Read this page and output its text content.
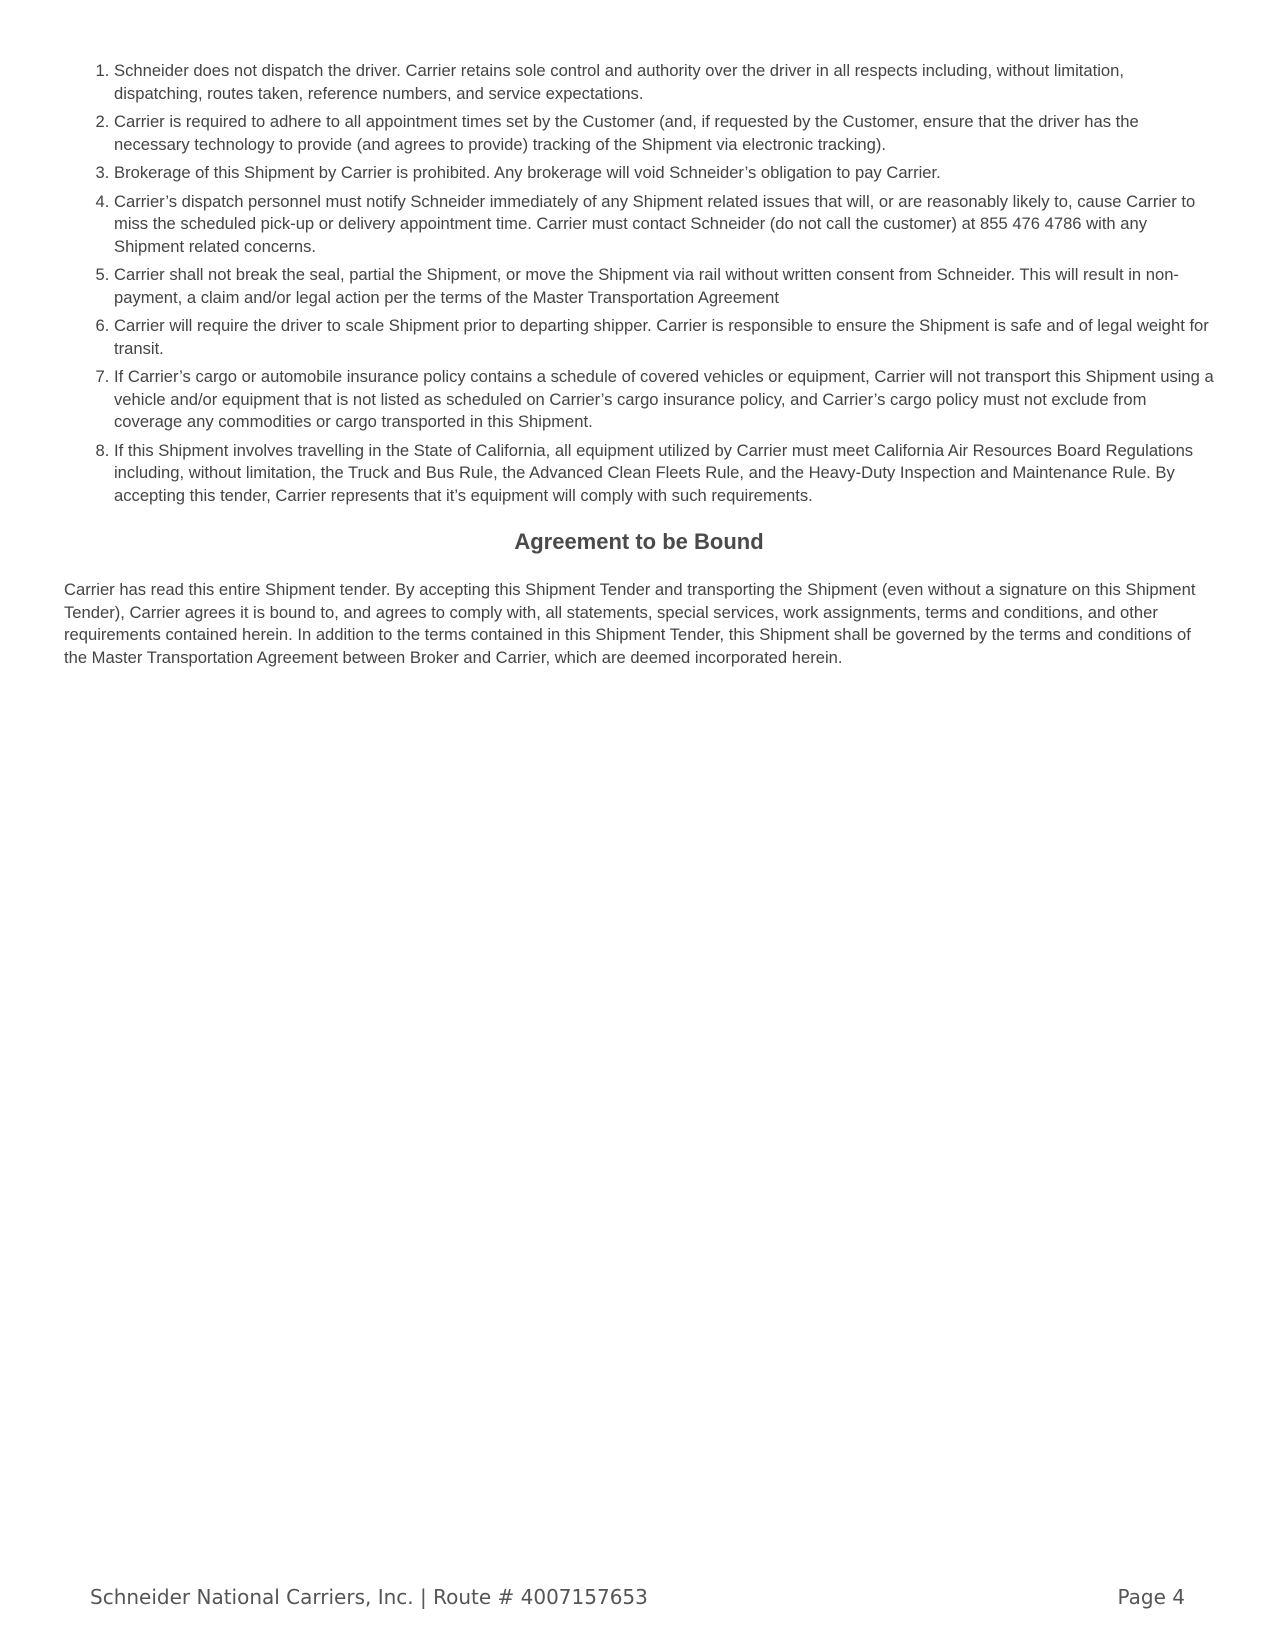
1. Schneider does not dispatch the driver. Carrier retains sole control and authority over the driver in all respects including, without limitation, dispatching, routes taken, reference numbers, and service expectations.
2. Carrier is required to adhere to all appointment times set by the Customer (and, if requested by the Customer, ensure that the driver has the necessary technology to provide (and agrees to provide) tracking of the Shipment via electronic tracking).
3. Brokerage of this Shipment by Carrier is prohibited. Any brokerage will void Schneider’s obligation to pay Carrier.
4. Carrier’s dispatch personnel must notify Schneider immediately of any Shipment related issues that will, or are reasonably likely to, cause Carrier to miss the scheduled pick-up or delivery appointment time. Carrier must contact Schneider (do not call the customer) at 855 476 4786 with any Shipment related concerns.
5. Carrier shall not break the seal, partial the Shipment, or move the Shipment via rail without written consent from Schneider. This will result in non-payment, a claim and/or legal action per the terms of the Master Transportation Agreement
6. Carrier will require the driver to scale Shipment prior to departing shipper. Carrier is responsible to ensure the Shipment is safe and of legal weight for transit.
7. If Carrier’s cargo or automobile insurance policy contains a schedule of covered vehicles or equipment, Carrier will not transport this Shipment using a vehicle and/or equipment that is not listed as scheduled on Carrier’s cargo insurance policy, and Carrier’s cargo policy must not exclude from coverage any commodities or cargo transported in this Shipment.
8. If this Shipment involves travelling in the State of California, all equipment utilized by Carrier must meet California Air Resources Board Regulations including, without limitation, the Truck and Bus Rule, the Advanced Clean Fleets Rule, and the Heavy-Duty Inspection and Maintenance Rule. By accepting this tender, Carrier represents that it’s equipment will comply with such requirements.
Agreement to be Bound

Carrier has read this entire Shipment tender. By accepting this Shipment Tender and transporting the Shipment (even without a signature on this Shipment Tender), Carrier agrees it is bound to, and agrees to comply with, all statements, special services, work assignments, terms and conditions, and other requirements contained herein. In addition to the terms contained in this Shipment Tender, this Shipment shall be governed by the terms and conditions of the Master Transportation Agreement between Broker and Carrier, which are deemed incorporated herein.

Schneider National Carriers, Inc. | Route # 4007157653	Page 4
